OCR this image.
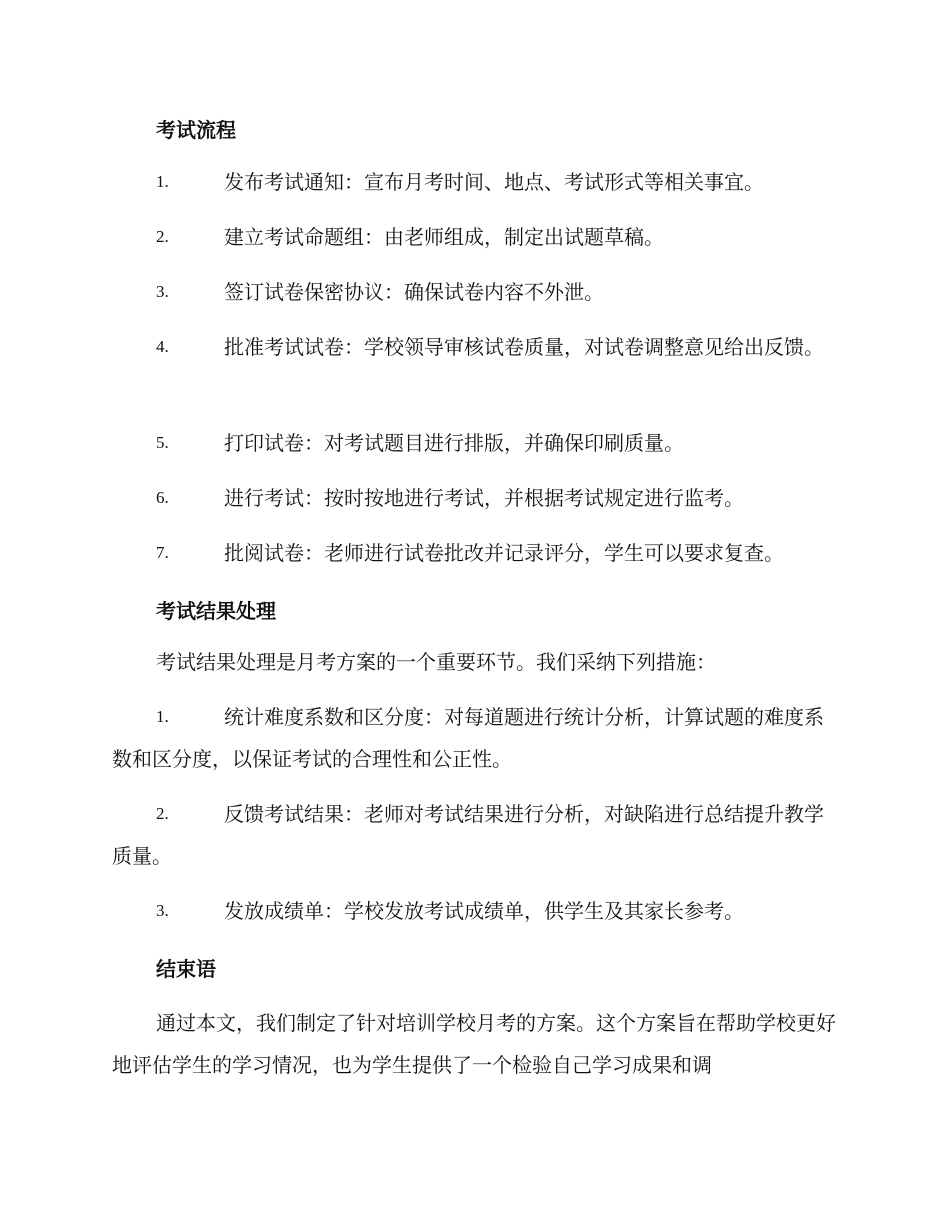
考试流程
1.	发布考试通知：宣布月考时间、地点、考试形式等相关事宜。
2.	建立考试命题组：由老师组成，制定出试题草稿。
3.	签订试卷保密协议：确保试卷内容不外泄。
4.	批准考试试卷：学校领导审核试卷质量，对试卷调整意见给出反馈。
5.	打印试卷：对考试题目进行排版，并确保印刷质量。
6.	进行考试：按时按地进行考试，并根据考试规定进行监考。
7.	批阅试卷：老师进行试卷批改并记录评分，学生可以要求复查。
考试结果处理
考试结果处理是月考方案的一个重要环节。我们采纳下列措施：
1.	统计难度系数和区分度：对每道题进行统计分析，计算试题的难度系数和区分度，以保证考试的合理性和公正性。
2.	反馈考试结果：老师对考试结果进行分析，对缺陷进行总结提升教学质量。
3.	发放成绩单：学校发放考试成绩单，供学生及其家长参考。
结束语
通过本文，我们制定了针对培训学校月考的方案。这个方案旨在帮助学校更好地评估学生的学习情况，也为学生提供了一个检验自己学习成果和调
